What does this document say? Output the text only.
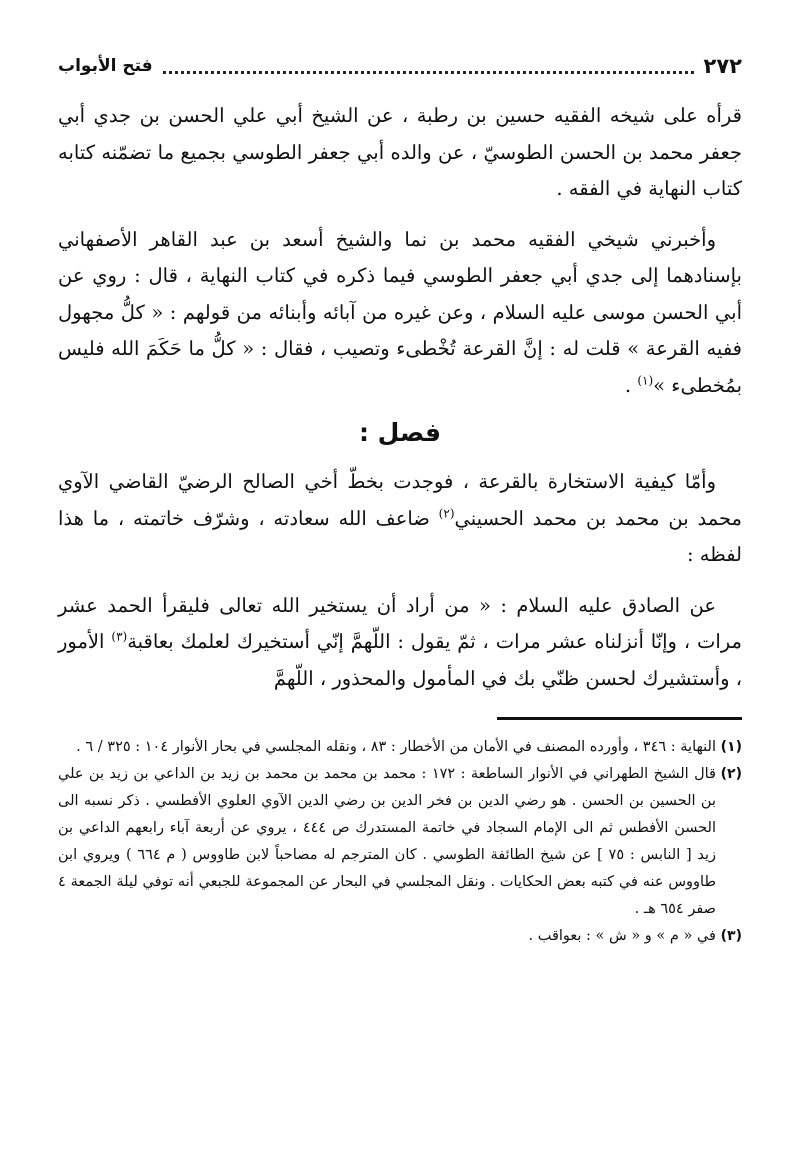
٢٧٢
فتح الأبواب

قرأه على شيخه الفقيه حسين بن رطبة ، عن الشيخ أبي علي الحسن بن جدي أبي جعفر محمد بن الحسن الطوسيّ ، عن والده أبي جعفر الطوسي بجميع ما تضمّنه كتابه كتاب النهاية في الفقه .

وأخبرني شيخي الفقيه محمد بن نما والشيخ أسعد بن عبد القاهر الأصفهاني بإسنادهما إلى جدي أبي جعفر الطوسي فيما ذكره في كتاب النهاية ، قال : روي عن أبي الحسن موسى عليه السلام ، وعن غيره من آبائه وأبنائه من قولهم : « كلُّ مجهول ففيه القرعة » قلت له : إنَّ القرعة تُخْطىء وتصيب ، فقال : « كلُّ ما حَكَمَ الله فليس بمُخطىء »$^{(١)}$ .

فصل :

وأمّا كيفية الاستخارة بالقرعة ، فوجدت بخطّ أخي الصالح الرضيّ القاضي الآوي محمد بن محمد بن محمد الحسيني$^{(٢)}$ ضاعف الله سعادته ، وشرّف خاتمته ، ما هذا لفظه :

عن الصادق عليه السلام : « من أراد أن يستخير الله تعالى فليقرأ الحمد عشر مرات ، وإنّا أنزلناه عشر مرات ، ثمّ يقول : اللّهمَّ إنّي أستخيرك لعلمك بعاقبة$^{(٣)}$ الأمور ، وأستشيرك لحسن ظنّي بك في المأمول والمحذور ، اللّهمَّ

(١)
النهاية : ٣٤٦ ، وأورده المصنف في الأمان من الأخطار : ٨٣ ، ونقله المجلسي في بحار الأنوار ١٠٤ : ٣٢٥ / ٦ .
(٢)
قال الشيخ الطهراني في الأنوار الساطعة : ١٧٢ : محمد بن محمد بن محمد بن زيد بن الداعي بن زيد بن علي بن الحسين بن الحسن . هو رضي الدين بن فخر الدين بن رضي الدين الآوي العلوي الأفطسي . ذكر نسبه الى الحسن الأفطس ثم الى الإمام السجاد في خاتمة المستدرك ص ٤٤٤ ، يروي عن أربعة آباء رابعهم الداعي بن زيد [ النابس : ٧٥ ] عن شيخ الطائفة الطوسي . كان المترجم له مصاحباً لابن طاووس ( م ٦٦٤ ) ويروي ابن طاووس عنه في كتبه بعض الحكايات . ونقل المجلسي في البحار عن المجموعة للجبعي أنه توفي ليلة الجمعة ٤ صفر ٦٥٤ هـ .
(٣)
في « م » و « ش » : بعواقب .
